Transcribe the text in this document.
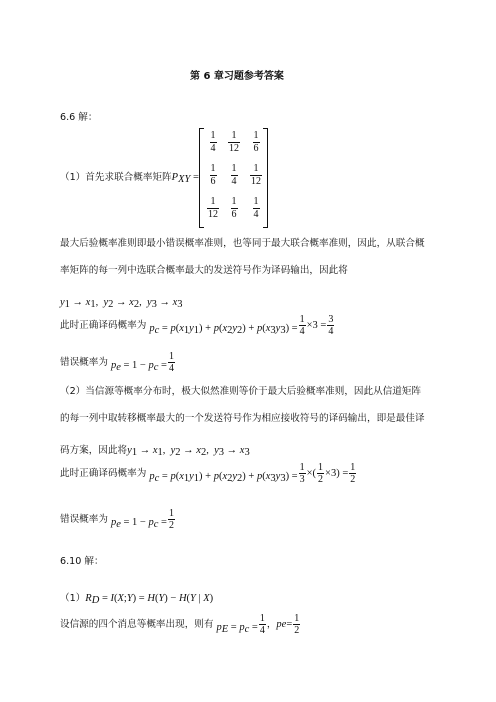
第 6 章习题参考答案
6.6 解：
（1）首先求联合概率矩阵$P_{XY}$ =
$\frac{1}{4} \frac{1}{12} \frac{1}{6}$
$\frac{1}{6} \frac{1}{4} \frac{1}{12}$
$\frac{1}{12} \frac{1}{6} \frac{1}{4}$
最大后验概率准则即最小错误概率准则，也等同于最大联合概率准则，因此，从联合概
率矩阵的每一列中选联合概率最大的发送符号作为译码输出，因此将
$y_1 \to x_1$,  $y_2 \to x_2$,  $y_3 \to x_3$
此时正确译码概率为 $p_c = p(x_1y_1) + p(x_2y_2) + p(x_3y_3) = \frac{1}{4} \times 3 = \frac{3}{4}$
错误概率为 $p_e = 1 - p_c = \frac{1}{4}$
（2）当信源等概率分布时，极大似然准则等价于最大后验概率准则，因此从信道矩阵
的每一列中取转移概率最大的一个发送符号作为相应接收符号的译码输出，即是最佳译
码方案，因此将$y_1 \to x_1$,  $y_2 \to x_2$,  $y_3 \to x_3$
此时正确译码概率为 $p_c = p(x_1y_1) + p(x_2y_2) + p(x_3y_3) = \frac{1}{3}$ ×( $\frac{1}{2} \times 3) = \frac{1}{2}$
错误概率为 $p_e = 1 - p_c = \frac{1}{2}$
6.10 解：
$(1)R_D$ = I(X;Y) = H(Y) − H(Y | X)
设信源的四个消息等概率出现，则有 $p_E = p_c = \frac{1}{4}$ ， p $e = \frac{1}{2}$
